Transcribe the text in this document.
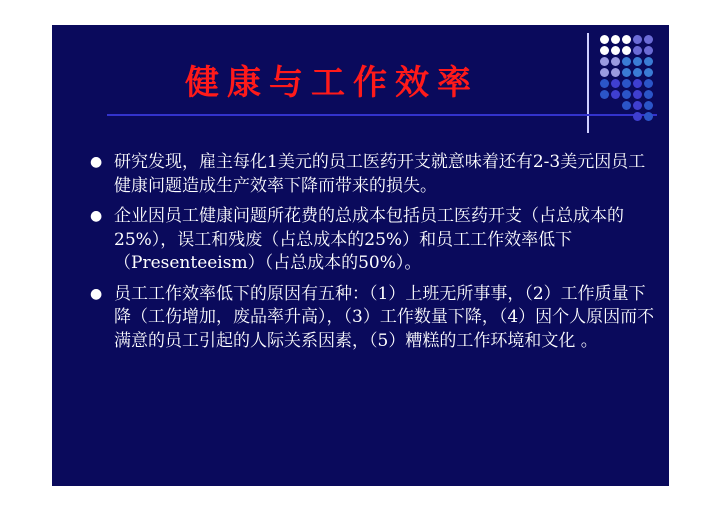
健康与工作效率
● 研究发现，雇主每化1美元的员工医药开支就意味着还有2-3美元因员工健康问题造成生产效率下降而带来的损失。
● 企业因员工健康问题所花费的总成本包括员工医药开支（占总成本的25%），误工和残废（占总成本的25%）和员工工作效率低下（Presenteeism）（占总成本的50%）。
● 员工工作效率低下的原因有五种：（1）上班无所事事，（2）工作质量下降（工伤增加，废品率升高），（3）工作数量下降，（4）因个人原因而不满意的员工引起的人际关系因素，（5）糟糕的工作环境和文化 。
